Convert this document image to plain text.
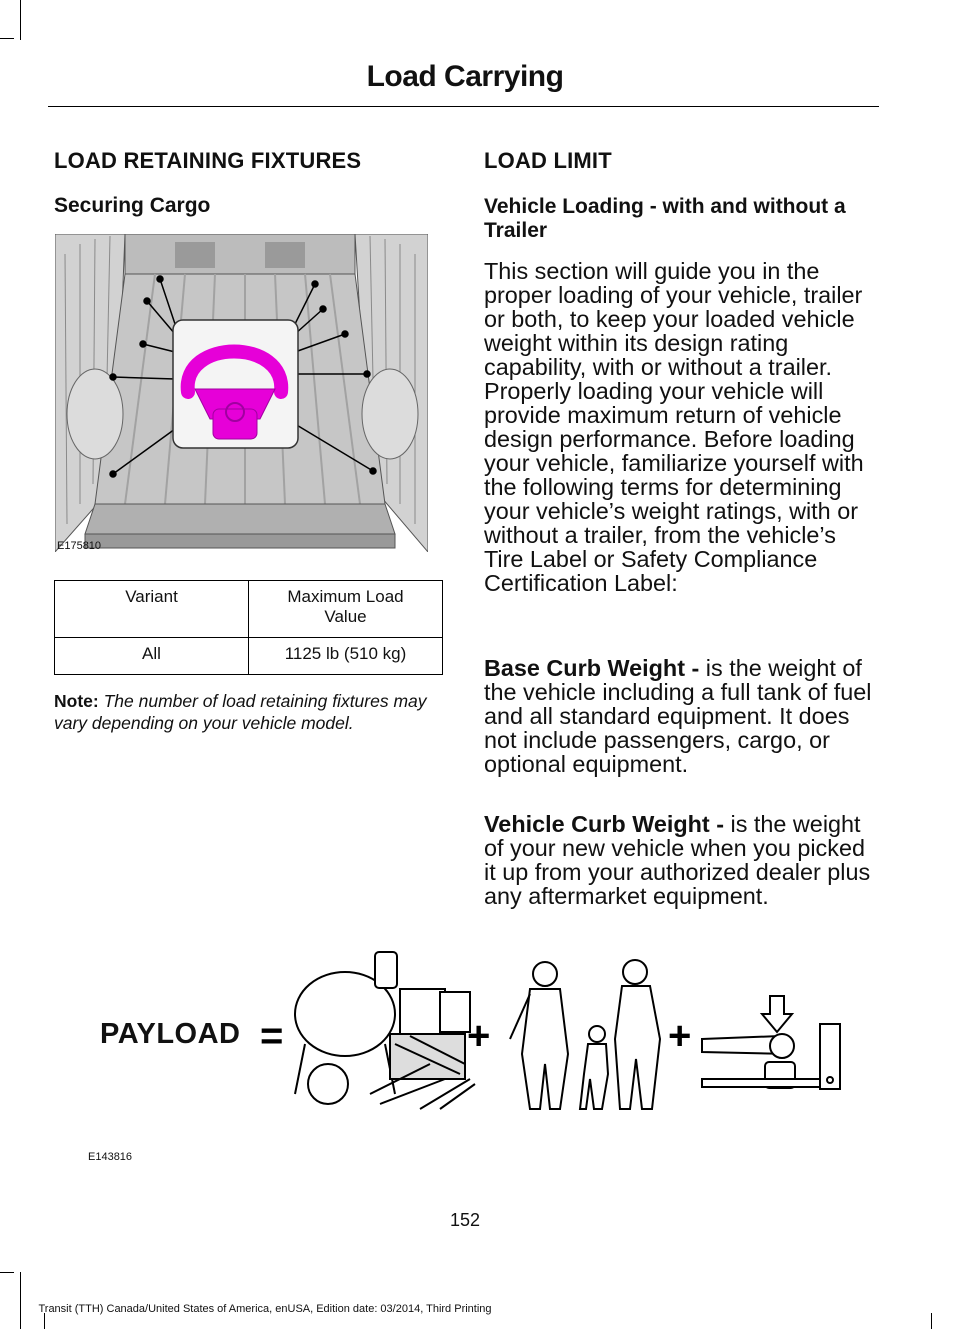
Load Carrying
LOAD RETAINING FIXTURES
Securing Cargo
E175810
Variant	Maximum Load Value
All	1125 lb (510 kg)
Note: The number of load retaining fixtures may vary depending on your vehicle model.
LOAD LIMIT
Vehicle Loading - with and without a Trailer
This section will guide you in the proper loading of your vehicle, trailer or both, to keep your loaded vehicle weight within its design rating capability, with or without a trailer. Properly loading your vehicle will provide maximum return of vehicle design performance. Before loading your vehicle, familiarize yourself with the following terms for determining your vehicle’s weight ratings, with or without a trailer, from the vehicle’s Tire Label or Safety Compliance Certification Label:
Base Curb Weight - is the weight of the vehicle including a full tank of fuel and all standard equipment. It does not include passengers, cargo, or optional equipment.
Vehicle Curb Weight - is the weight of your new vehicle when you picked it up from your authorized dealer plus any aftermarket equipment.
PAYLOAD =	+	+
E143816
152
Transit (TTH) Canada/United States of America, enUSA, Edition date: 03/2014, Third Printing
